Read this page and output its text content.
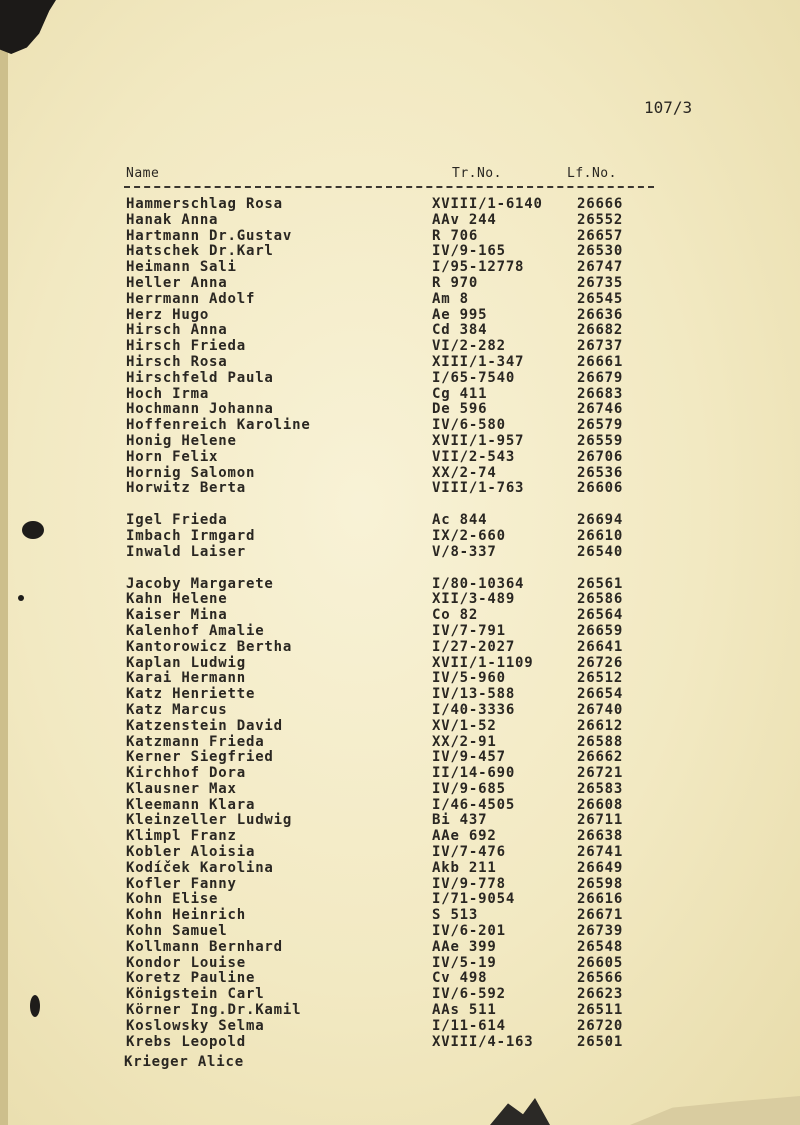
107/3
Name	Tr.No.	Lf.No.
Hammerschlag Rosa	XVIII/1-6140 26666
Hanak Anna	AAv 244	26552
Hartmann Dr.Gustav	R 706	26657
Hatschek Dr.Karl	IV/9-165	26530
Heimann Sali	I/95-12778	26747
Heller Anna	R 970	26735
Herrmann Adolf	Am 8	26545
Herz Hugo	Ae 995	26636
Hirsch Anna	Cd 384	26682
Hirsch Frieda	VI/2-282	26737
Hirsch Rosa	XIII/1-347	26661
Hirschfeld Paula	I/65-7540	26679
Hoch Irma	Cg 411	26683
Hochmann Johanna	De 596	26746
Hoffenreich Karoline	IV/6-580	26579
Honig Helene	XVII/1-957	26559
Horn Felix	VII/2-543	26706
Hornig Salomon	XX/2-74	26536
Horwitz Berta	VIII/1-763	26606
Igel Frieda	Ac 844	26694
Imbach Irmgard	IX/2-660	26610
Inwald Laiser	V/8-337	26540
Jacoby Margarete	I/80-10364	26561
Kahn Helene	XII/3-489	26586
Kaiser Mina	Co 82	26564
Kalenhof Amalie	IV/7-791	26659
Kantorowicz Bertha	I/27-2027	26641
Kaplan Ludwig	XVII/1-1109	26726
Karai Hermann	IV/5-960	26512
Katz Henriette	IV/13-588	26654
Katz Marcus	I/40-3336	26740
Katzenstein David	XV/1-52	26612
Katzmann Frieda	XX/2-91	26588
Kerner Siegfried	IV/9-457	26662
Kirchhof Dora	II/14-690	26721
Klausner Max	IV/9-685	26583
Kleemann Klara	I/46-4505	26608
Kleinzeller Ludwig	Bi 437	26711
Klimpl Franz	AAe 692	26638
Kobler Aloisia	IV/7-476	26741
Kodíček Karolina	Akb 211	26649
Kofler Fanny	IV/9-778	26598
Kohn Elise	I/71-9054	26616
Kohn Heinrich	S 513	26671
Kohn Samuel	IV/6-201	26739
Kollmann Bernhard	AAe 399	26548
Kondor Louise	IV/5-19	26605
Koretz Pauline	Cv 498	26566
Königstein Carl	IV/6-592	26623
Körner Ing.Dr.Kamil	AAs 511	26511
Koslowsky Selma	I/11-614	26720
Krebs Leopold	XVIII/4-163	26501
Krieger Alice
